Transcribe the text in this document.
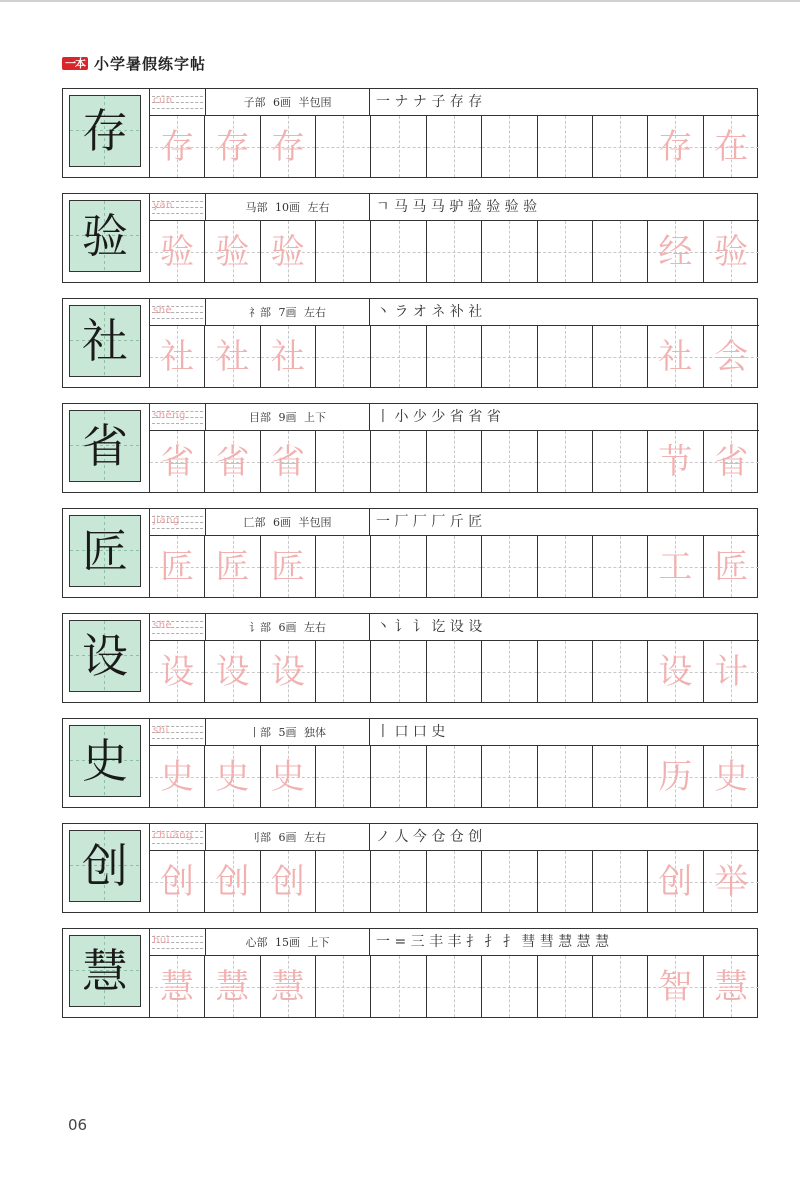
一本 小学暑假练字帖
存
cún	子部 6画 半包围	一 ナ ナ 子 存 存
存 存 存	存 在
验
yàn	马部 10画 左右	ㄱ 马 马 马 驴 验 验 验 验
验 验 验	经 验
社
shè	礻部 7画 左右	丶 ラ オ ネ 补 社
社 社 社	社 会
省
shěng	目部 9画 上下	丨 小 少 少 省 省 省
省 省 省	节 省
匠
jiàng	匚部 6画 半包围	一 厂 厂 厂 斤 匠
匠 匠 匠	工 匠
设
shè	讠部 6画 左右	丶 讠 讠 讫 设 设
设 设 设	设 计
史
shǐ	丨部 5画 独体	丨 口 口 史
史 史 史	历 史
创
chuàng	刂部 6画 左右	ノ 人 今 仓 仓 创
创 创 创	创 举
慧
huì	心部 15画 上下	一 = 三 丰 丰 扌 扌 扌 彗 彗 慧 慧 慧
慧 慧 慧	智 慧
06
